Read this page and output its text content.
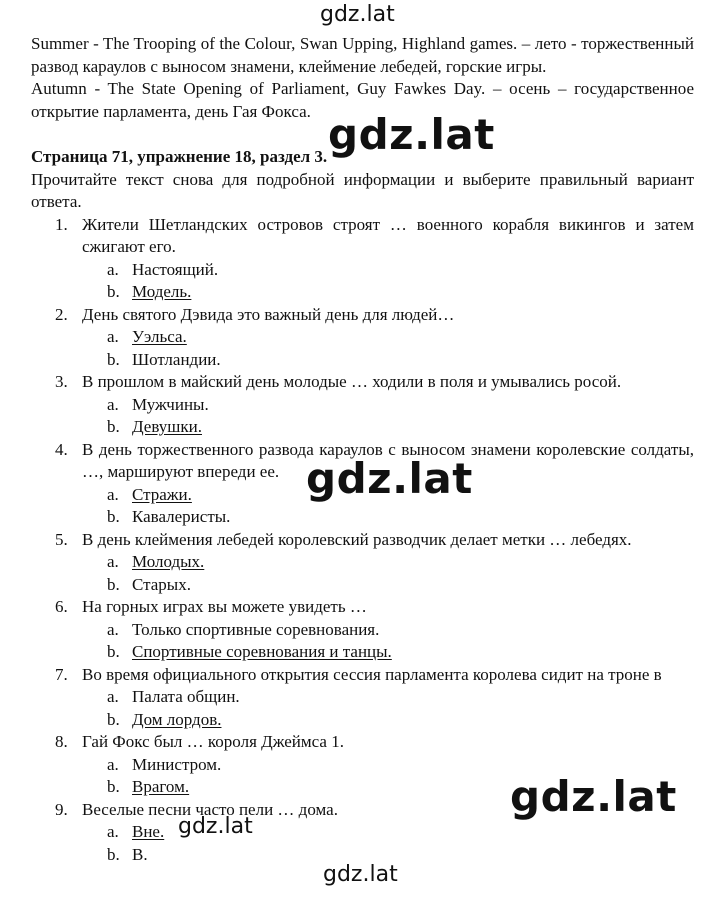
gdz.lat
gdz.lat
gdz.lat
gdz.lat
gdz.lat
gdz.lat
Summer - The Trooping of the Colour, Swan Upping, Highland games. – лето - торжественный
развод караулов с выносом знамени, клеймение лебедей, горские игры.
Autumn - The State Opening of Parliament, Guy Fawkes Day. – осень – государственное
открытие парламента, день Гая Фокса.
Страница 71, упражнение 18, раздел 3.
Прочитайте текст снова для подробной информации и выберите правильный вариант
ответа.
1. Жители Шетландских островов строят … военного корабля викингов и затем
сжигают его.
a. Настоящий.
b. Модель.
2. День святого Дэвида это важный день для людей…
a. Уэльса.
b. Шотландии.
3. В прошлом в майский день молодые … ходили в поля и умывались росой.
a. Мужчины.
b. Девушки.
4. В день торжественного развода караулов с выносом знамени королевские солдаты,
…, маршируют впереди ее.
a. Стражи.
b. Кавалеристы.
5. В день клеймения лебедей королевский разводчик делает метки … лебедях.
a. Молодых.
b. Старых.
6. На горных играх вы можете увидеть …
a. Только спортивные соревнования.
b. Спортивные соревнования и танцы.
7. Во время официального открытия сессия парламента королева сидит на троне в
a. Палата общин.
b. Дом лордов.
8. Гай Фокс был … короля Джеймса 1.
a. Министром.
b. Врагом.
9. Веселые песни часто пели … дома.
a. Вне.
b. В.
